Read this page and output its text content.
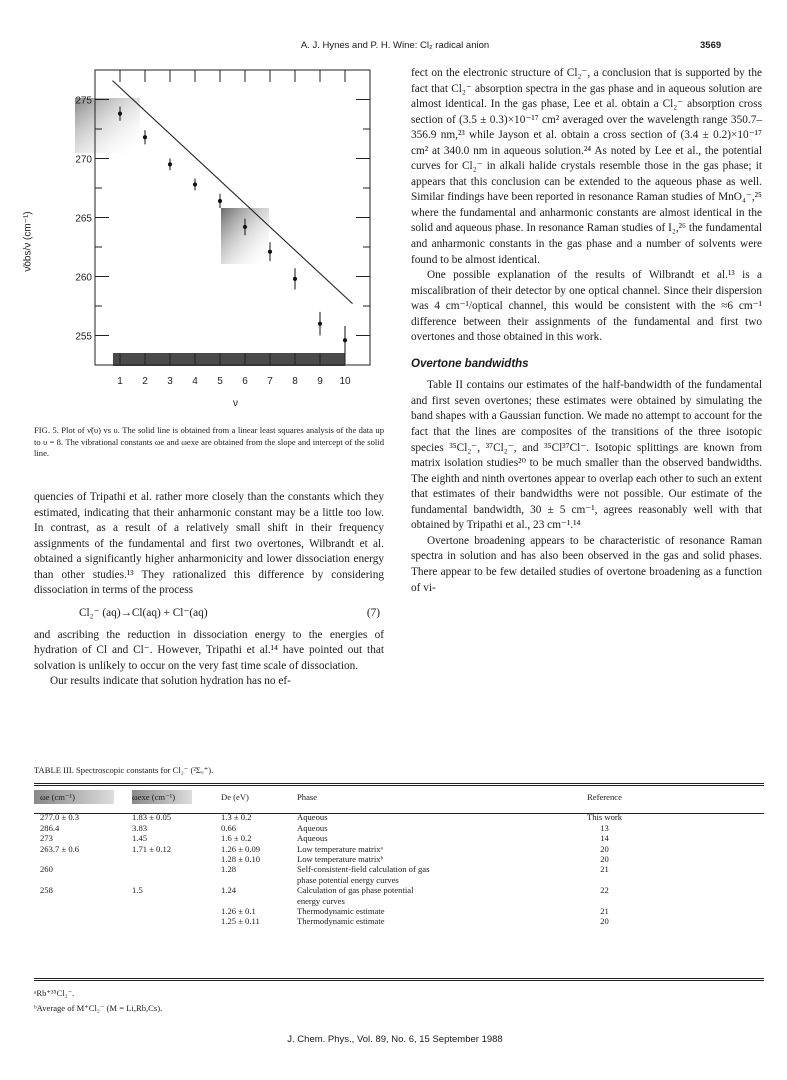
A. J. Hynes and P. H. Wine: Cl₂ radical anion	3569
1 2 3 4 5 6 7 8 9 10
255
260
265
270
275
ν̃obs/ν (cm⁻¹)
ν
FIG. 5. Plot of ν̃(υ) vs υ. The solid line is obtained from a linear least squares analysis of the data up to υ = 8. The vibrational constants ωe and ωexe are obtained from the slope and intercept of the solid line.

quencies of Tripathi et al. rather more closely than the constants which they estimated, indicating that their anharmonic constant may be a little too low. In contrast, as a result of a relatively small shift in their frequency assignments of the fundamental and first two overtones, Wilbrandt et al. obtained a significantly higher anharmonicity and lower dissociation energy than other studies.¹³ They rationalized this difference by considering dissociation in terms of the process

Cl₂⁻ (aq)→Cl(aq) + Cl⁻(aq)	(7)

and ascribing the reduction in dissociation energy to the energies of hydration of Cl and Cl⁻. However, Tripathi et al.¹⁴ have pointed out that solvation is unlikely to occur on the very fast time scale of dissociation.

Our results indicate that solution hydration has no ef-

fect on the electronic structure of Cl₂⁻, a conclusion that is supported by the fact that Cl₂⁻ absorption spectra in the gas phase and in aqueous solution are almost identical. In the gas phase, Lee et al. obtain a Cl₂⁻ absorption cross section of (3.5 ± 0.3)×10⁻¹⁷ cm² averaged over the wavelength range 350.7–356.9 nm,²³ while Jayson et al. obtain a cross section of (3.4 ± 0.2)×10⁻¹⁷ cm² at 340.0 nm in aqueous solution.²⁴ As noted by Lee et al., the potential curves for Cl₂⁻ in alkali halide crystals resemble those in the gas phase; it appears that this conclusion can be extended to the aqueous phase as well. Similar findings have been reported in resonance Raman studies of MnO₄⁻,²⁵ where the fundamental and anharmonic constants are almost identical in the solid and aqueous phase. In resonance Raman studies of I₂,²⁶ the fundamental and anharmonic constants in the gas phase and a number of solvents were found to be almost identical.

One possible explanation of the results of Wilbrandt et al.¹³ is a miscalibration of their detector by one optical channel. Since their dispersion was 4 cm⁻¹/optical channel, this would be consistent with the ≈6 cm⁻¹ difference between their assignments of the fundamental and first two overtones and those obtained in this work.

Overtone bandwidths

Table II contains our estimates of the half-bandwidth of the fundamental and first seven overtones; these estimates were obtained by simulating the band shapes with a Gaussian function. We made no attempt to account for the fact that the lines are composites of the transitions of the three isotopic species ³⁵Cl₂⁻, ³⁷Cl₂⁻, and ³⁵Cl³⁷Cl⁻. Isotopic splittings are known from matrix isolation studies²⁰ to be much smaller than the observed bandwidths. The eighth and ninth overtones appear to overlap each other to such an extent that estimates of their bandwidths were not possible. Our estimate of the fundamental bandwidth, 30 ± 5 cm⁻¹, agrees reasonably well with that obtained by Tripathi et al., 23 cm⁻¹.¹⁴

Overtone broadening appears to be characteristic of resonance Raman spectra in solution and has also been observed in the gas and solid phases. There appear to be few detailed studies of overtone broadening as a function of vi-

TABLE III. Spectroscopic constants for Cl₂⁻ (²Σᵤ⁺).
ωe (cm⁻¹)	ωexe (cm⁻¹)	De (eV)	Phase	Reference

277.0 ± 0.3	1.83 ± 0.05	1.3 ± 0.2	Aqueous	This work
286.4	3.83	0.66	Aqueous	13
273	1.45	1.6 ± 0.2	Aqueous	14
263.7 ± 0.6	1.71 ± 0.12	1.26 ± 0.09	Low temperature matrixᵃ	20
		1.28 ± 0.10	Low temperature matrixᵇ	20
260		1.28	Self-consistent-field calculation of gas phase potential energy curves	21
258	1.5	1.24	Calculation of gas phase potential energy curves	22
		1.26 ± 0.1	Thermodynamic estimate	21
		1.25 ± 0.11	Thermodynamic estimate	20
ᵃRb⁺³⁵Cl₂⁻.
ᵇAverage of M⁺Cl₂⁻ (M = Li,Rb,Cs).
J. Chem. Phys., Vol. 89, No. 6, 15 September 1988
